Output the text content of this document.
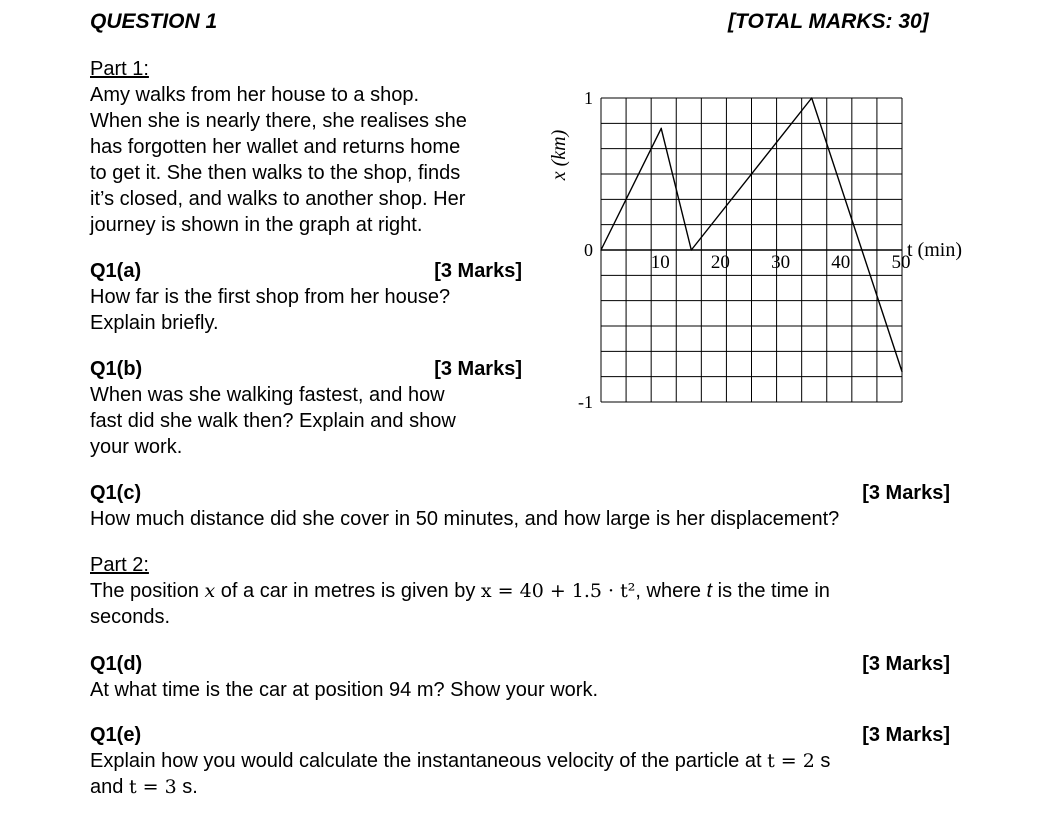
QUESTION 1	[TOTAL MARKS: 30]
Part 1:
Amy walks from her house to a shop.
When she is nearly there, she realises she
has forgotten her wallet and returns home
to get it. She then walks to the shop, finds
it’s closed, and walks to another shop. Her
journey is shown in the graph at right.
Q1(a)	[3 Marks]
How far is the first shop from her house?
Explain briefly.
Q1(b)	[3 Marks]
When was she walking fastest, and how
fast did she walk then? Explain and show
your work.
10 20 30 40 50
1
0
-1
x (km)
t (min)
Q1(c)	[3 Marks]
How much distance did she cover in 50 minutes, and how large is her displacement?
Part 2:
The position x of a car in metres is given by x = 40 + 1.5 · t², where t is the time in
seconds.
Q1(d)	[3 Marks]
At what time is the car at position 94 m? Show your work.
Q1(e)	[3 Marks]
Explain how you would calculate the instantaneous velocity of the particle at t = 2 s
and t = 3 s.
